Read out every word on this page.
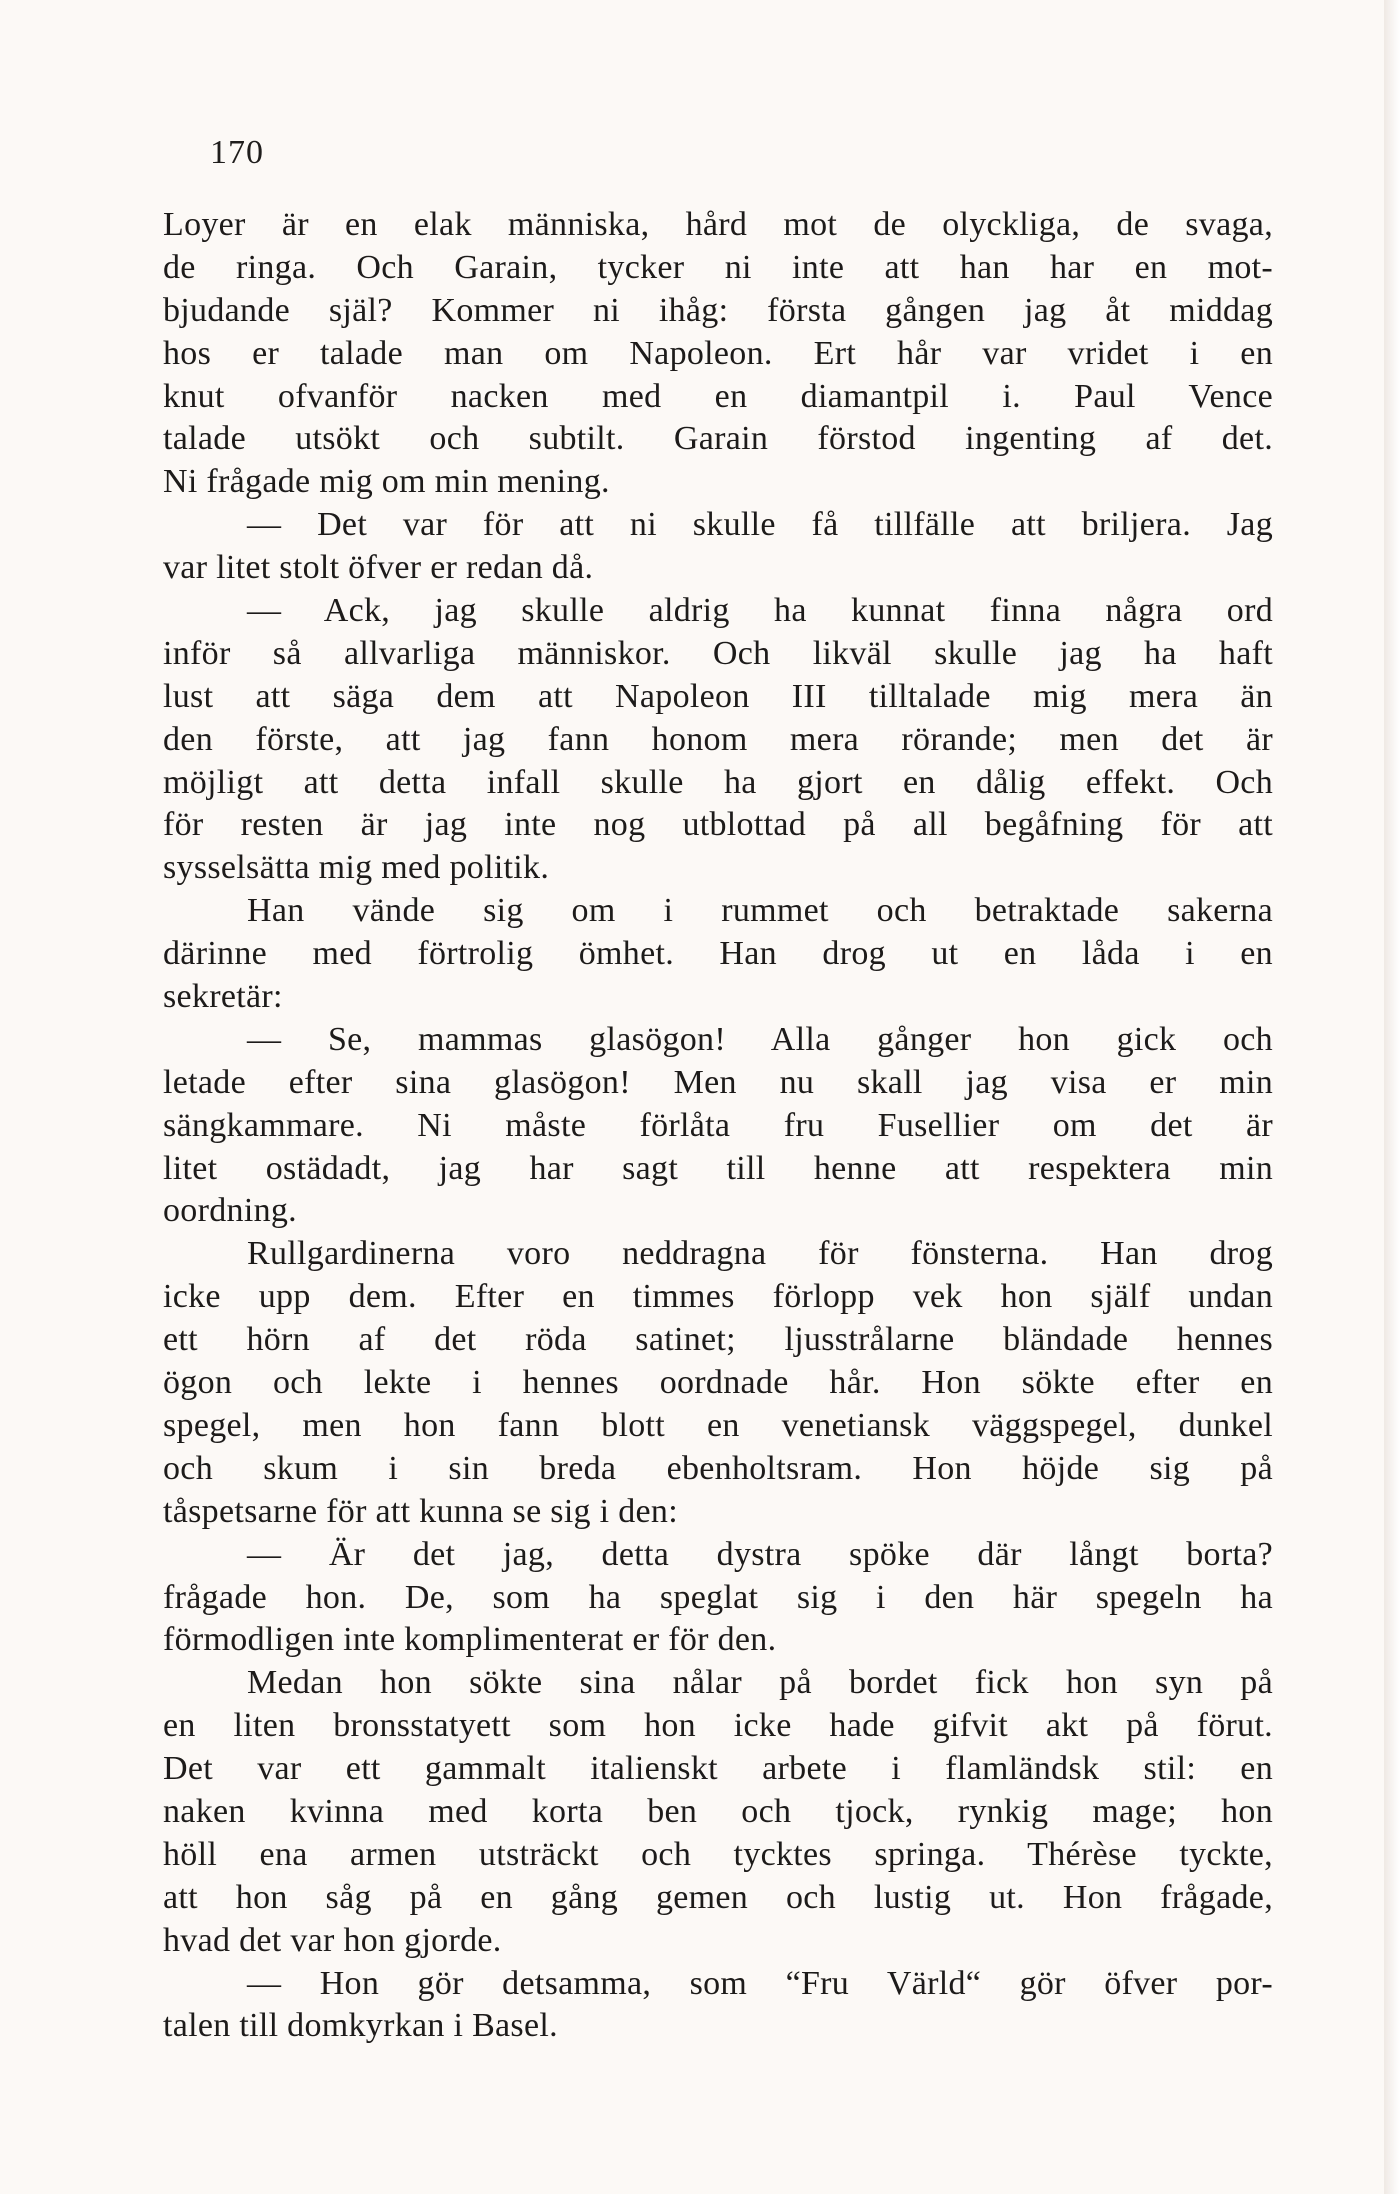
170
Loyer är en elak människa, hård mot de olyckliga, de svaga,
de ringa. Och Garain, tycker ni inte att han har en mot-
bjudande själ? Kommer ni ihåg: första gången jag åt middag
hos er talade man om Napoleon. Ert hår var vridet i en
knut ofvanför nacken med en diamantpil i. Paul Vence
talade utsökt och subtilt. Garain förstod ingenting af det.
Ni frågade mig om min mening.
— Det var för att ni skulle få tillfälle att briljera. Jag
var litet stolt öfver er redan då.
— Ack, jag skulle aldrig ha kunnat finna några ord
inför så allvarliga människor. Och likväl skulle jag ha haft
lust att säga dem att Napoleon III tilltalade mig mera än
den förste, att jag fann honom mera rörande; men det är
möjligt att detta infall skulle ha gjort en dålig effekt. Och
för resten är jag inte nog utblottad på all begåfning för att
sysselsätta mig med politik.
Han vände sig om i rummet och betraktade sakerna
därinne med förtrolig ömhet. Han drog ut en låda i en
sekretär:
— Se, mammas glasögon! Alla gånger hon gick och
letade efter sina glasögon! Men nu skall jag visa er min
sängkammare. Ni måste förlåta fru Fusellier om det är
litet ostädadt, jag har sagt till henne att respektera min
oordning.
Rullgardinerna voro neddragna för fönsterna. Han drog
icke upp dem. Efter en timmes förlopp vek hon själf undan
ett hörn af det röda satinet; ljusstrålarne bländade hennes
ögon och lekte i hennes oordnade hår. Hon sökte efter en
spegel, men hon fann blott en venetiansk väggspegel, dunkel
och skum i sin breda ebenholtsram. Hon höjde sig på
tåspetsarne för att kunna se sig i den:
— Är det jag, detta dystra spöke där långt borta?
frågade hon. De, som ha speglat sig i den här spegeln ha
förmodligen inte komplimenterat er för den.
Medan hon sökte sina nålar på bordet fick hon syn på
en liten bronsstatyett som hon icke hade gifvit akt på förut.
Det var ett gammalt italienskt arbete i flamländsk stil: en
naken kvinna med korta ben och tjock, rynkig mage; hon
höll ena armen utsträckt och tycktes springa. Thérèse tyckte,
att hon såg på en gång gemen och lustig ut. Hon frågade,
hvad det var hon gjorde.
— Hon gör detsamma, som “Fru Värld“ gör öfver por-
talen till domkyrkan i Basel.
